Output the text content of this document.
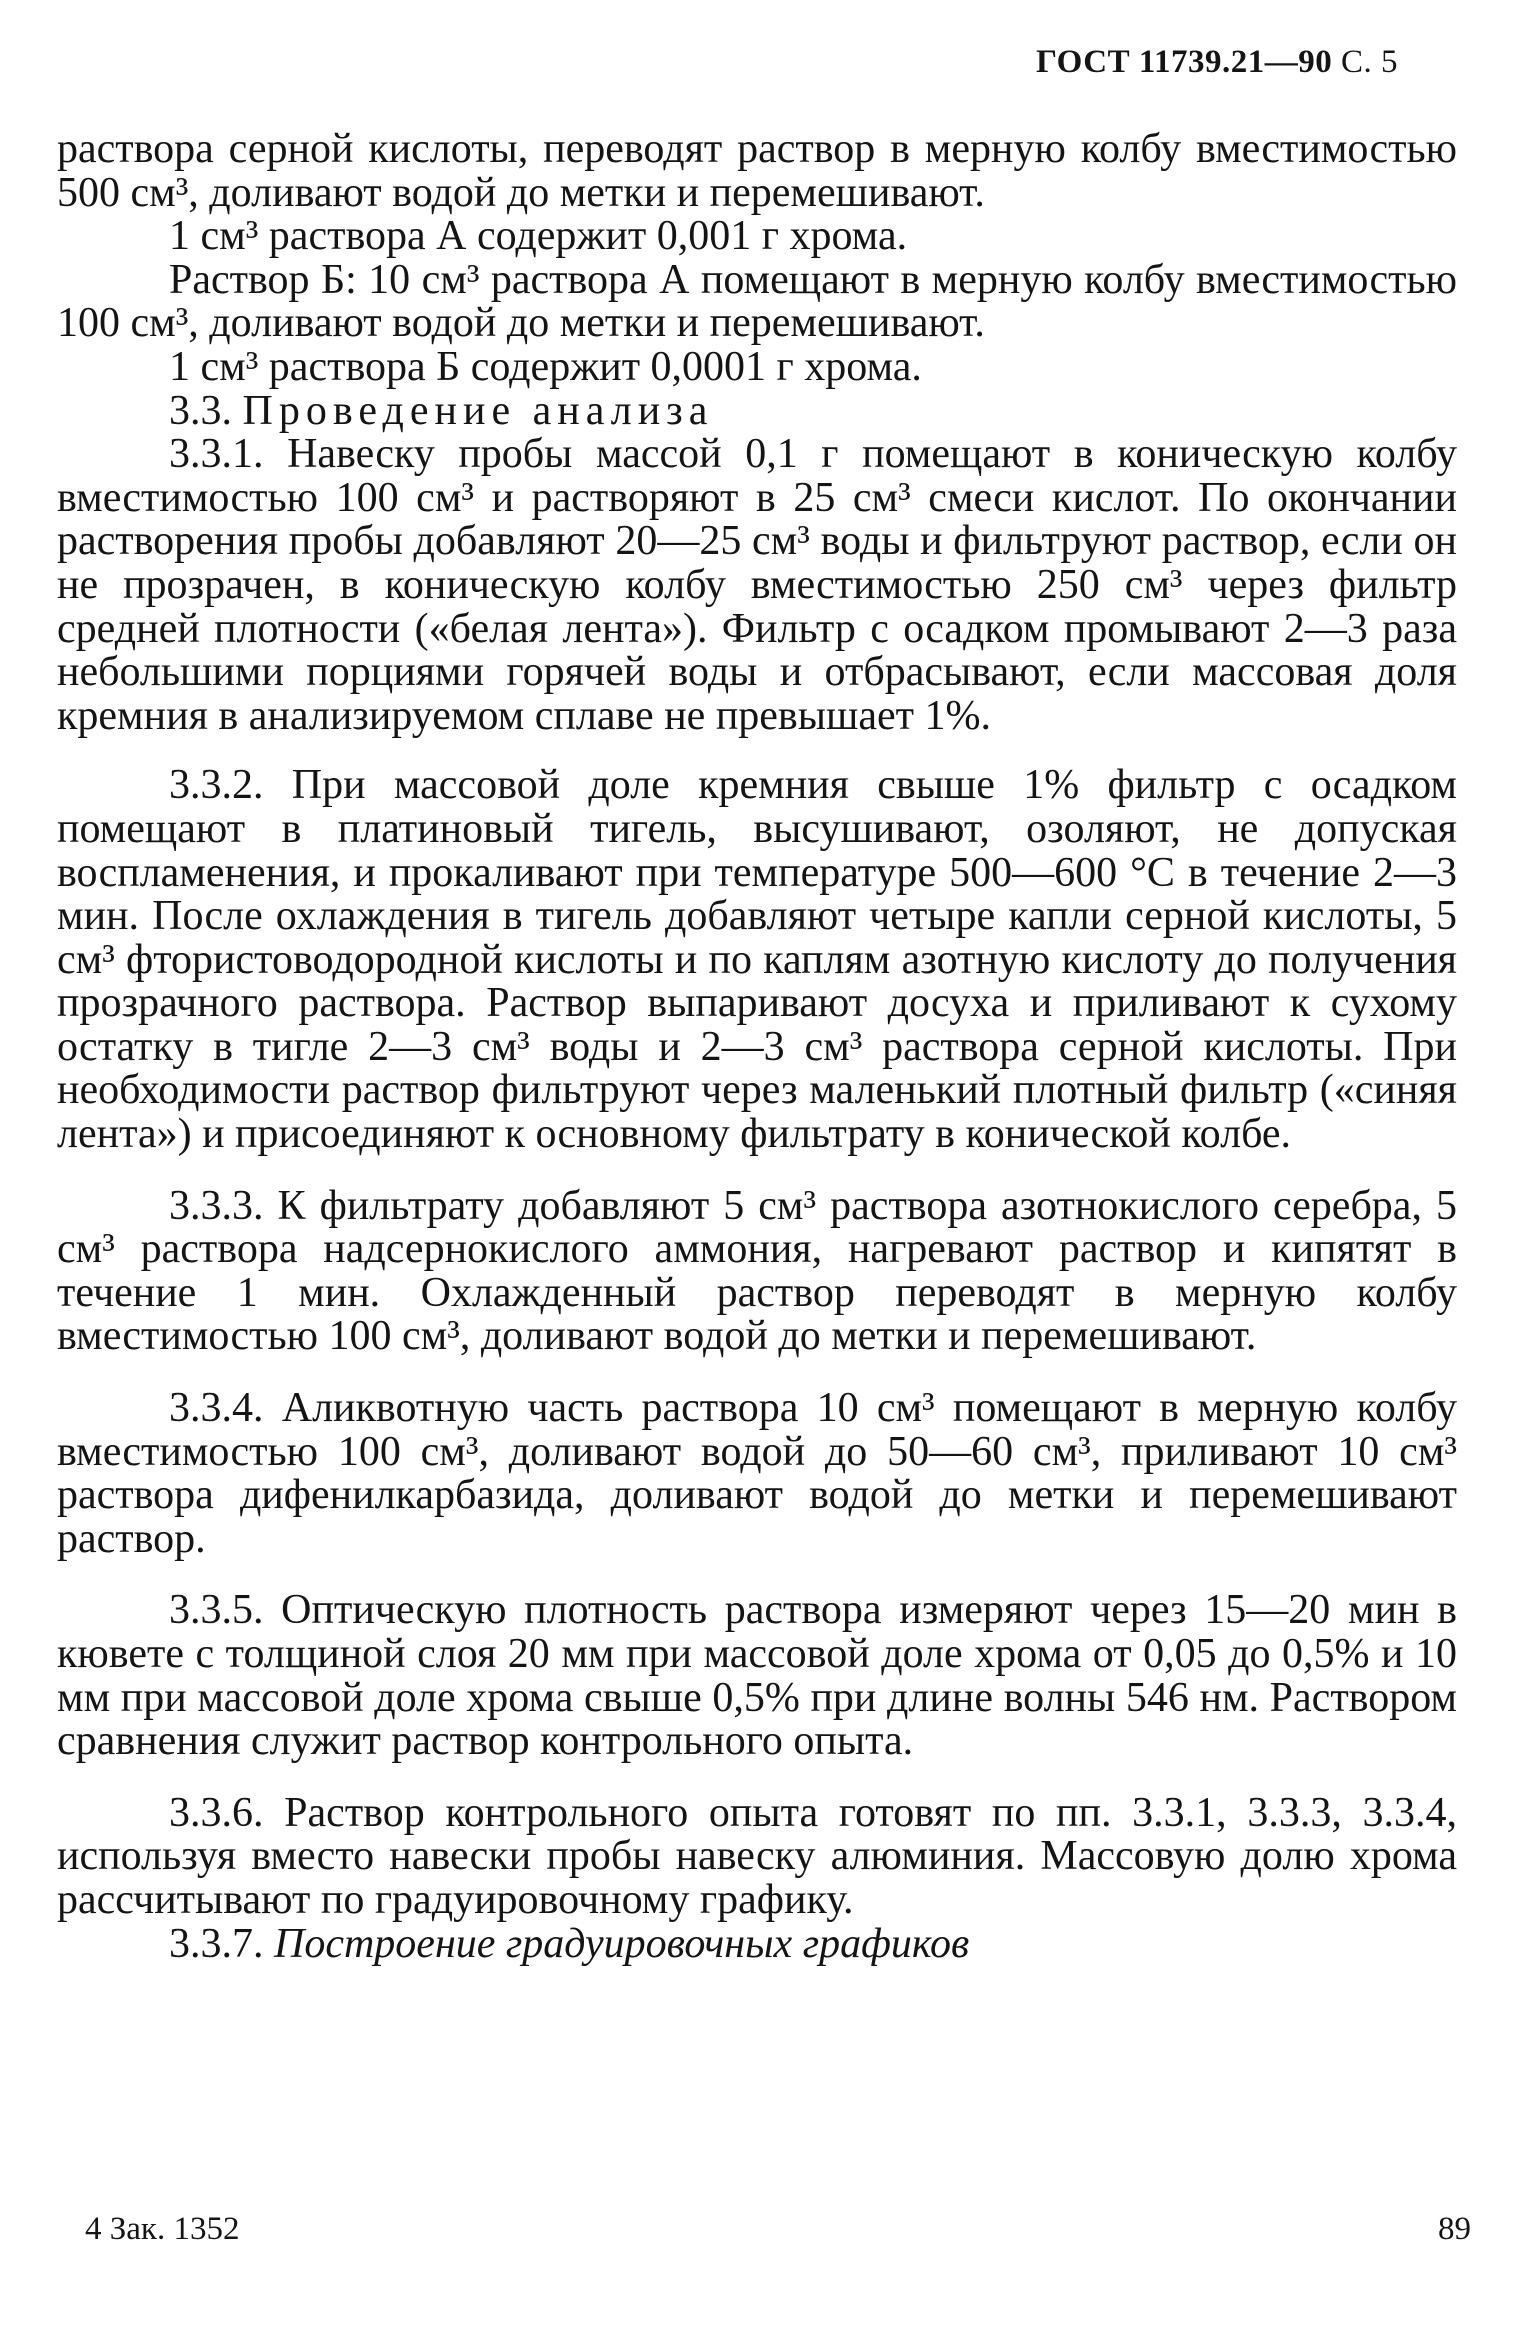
ГОСТ 11739.21—90 С. 5

раствора серной кислоты, переводят раствор в мерную колбу вместимостью 500 см³, доливают водой до метки и перемешивают.

1 см³ раствора А содержит 0,001 г хрома.

Раствор Б: 10 см³ раствора А помещают в мерную колбу вместимостью 100 см³, доливают водой до метки и перемешивают.

1 см³ раствора Б содержит 0,0001 г хрома.

3.3. Проведение анализа

3.3.1. Навеску пробы массой 0,1 г помещают в коническую колбу вместимостью 100 см³ и растворяют в 25 см³ смеси кислот. По окончании растворения пробы добавляют 20—25 см³ воды и фильтруют раствор, если он не прозрачен, в коническую колбу вместимостью 250 см³ через фильтр средней плотности («белая лента»). Фильтр с осадком промывают 2—3 раза небольшими порциями горячей воды и отбрасывают, если массовая доля кремния в анализируемом сплаве не превышает 1%.

3.3.2. При массовой доле кремния свыше 1% фильтр с осадком помещают в платиновый тигель, высушивают, озоляют, не допуская воспламенения, и прокаливают при температуре 500—600 °С в течение 2—3 мин. После охлаждения в тигель добавляют четыре капли серной кислоты, 5 см³ фтористоводородной кислоты и по каплям азотную кислоту до получения прозрачного раствора. Раствор выпаривают досуха и приливают к сухому остатку в тигле 2—3 см³ воды и 2—3 см³ раствора серной кислоты. При необходимости раствор фильтруют через маленький плотный фильтр («синяя лента») и присоединяют к основному фильтрату в конической колбе.

3.3.3. К фильтрату добавляют 5 см³ раствора азотнокислого серебра, 5 см³ раствора надсернокислого аммония, нагревают раствор и кипятят в течение 1 мин. Охлажденный раствор переводят в мерную колбу вместимостью 100 см³, доливают водой до метки и перемешивают.

3.3.4. Аликвотную часть раствора 10 см³ помещают в мерную колбу вместимостью 100 см³, доливают водой до 50—60 см³, приливают 10 см³ раствора дифенилкарбазида, доливают водой до метки и перемешивают раствор.

3.3.5. Оптическую плотность раствора измеряют через 15—20 мин в кювете с толщиной слоя 20 мм при массовой доле хрома от 0,05 до 0,5% и 10 мм при массовой доле хрома свыше 0,5% при длине волны 546 нм. Раствором сравнения служит раствор контрольного опыта.

3.3.6. Раствор контрольного опыта готовят по пп. 3.3.1, 3.3.3, 3.3.4, используя вместо навески пробы навеску алюминия. Массовую долю хрома рассчитывают по градуировочному графику.

3.3.7. Построение градуировочных графиков

4 Зак. 1352	89
